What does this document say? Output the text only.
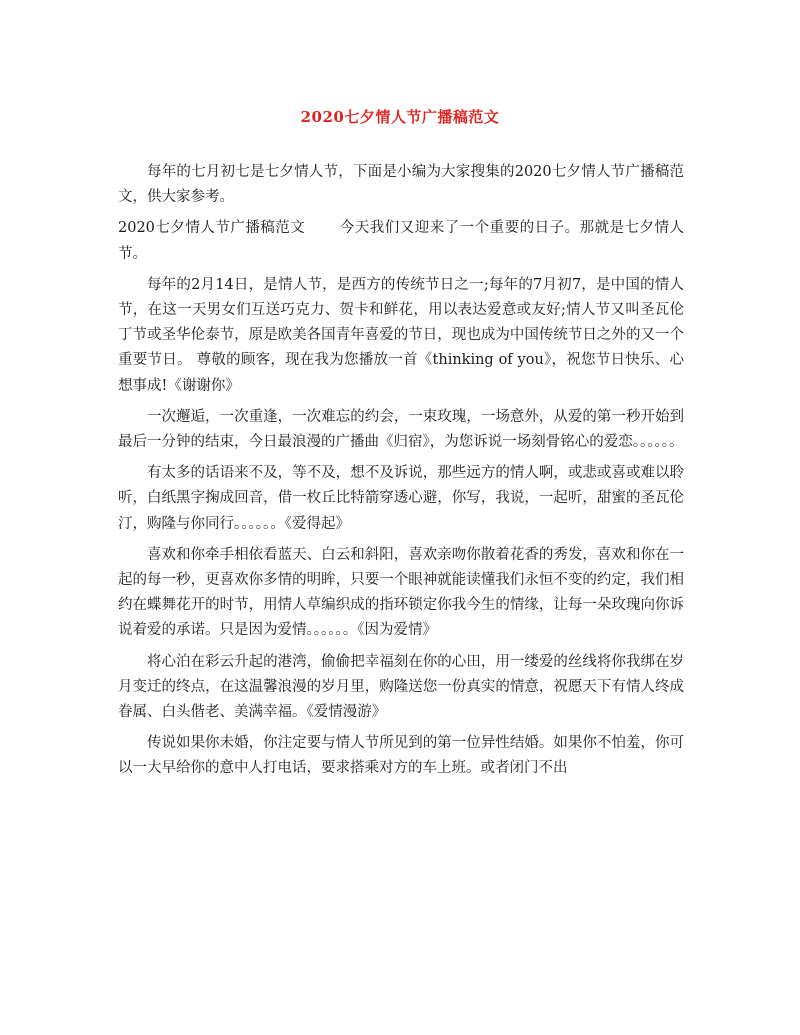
2020七夕情人节广播稿范文

每年的七月初七是七夕情人节，下面是小编为大家搜集的2020七夕情人节广播稿范文，供大家参考。

2020七夕情人节广播稿范文 今天我们又迎来了一个重要的日子。那就是七夕情人节。

每年的2月14日，是情人节，是西方的传统节日之一;每年的7月初7，是中国的情人节，在这一天男女们互送巧克力、贺卡和鲜花，用以表达爱意或友好;情人节又叫圣瓦伦丁节或圣华伦泰节，原是欧美各国青年喜爱的节日，现也成为中国传统节日之外的又一个重要节日。 尊敬的顾客，现在我为您播放一首《thinking of you》，祝您节日快乐、心想事成!《谢谢你》

一次邂逅，一次重逢，一次难忘的约会，一束玫瑰，一场意外，从爱的第一秒开始到最后一分钟的结束，今日最浪漫的广播曲《归宿》，为您诉说一场刻骨铭心的爱恋。。。。。。

有太多的话语来不及，等不及，想不及诉说，那些远方的情人啊，或悲或喜或难以聆听，白纸黑字掬成回音，借一枚丘比特箭穿透心避，你写，我说，一起听，甜蜜的圣瓦伦汀，购隆与你同行。。。。。。《爱得起》

喜欢和你牵手相依看蓝天、白云和斜阳，喜欢亲吻你散着花香的秀发，喜欢和你在一起的每一秒，更喜欢你多情的明眸，只要一个眼神就能读懂我们永恒不变的约定，我们相约在蝶舞花开的时节，用情人草编织成的指环锁定你我今生的情缘，让每一朵玫瑰向你诉说着爱的承诺。只是因为爱情。。。。。。《因为爱情》

将心泊在彩云升起的港湾，偷偷把幸福刻在你的心田，用一缕爱的丝线将你我绑在岁月变迁的终点，在这温馨浪漫的岁月里，购隆送您一份真实的情意，祝愿天下有情人终成眷属、白头偕老、美满幸福。《爱情漫游》

传说如果你未婚，你注定要与情人节所见到的第一位异性结婚。如果你不怕羞，你可以一大早给你的意中人打电话，要求搭乘对方的车上班。或者闭门不出
